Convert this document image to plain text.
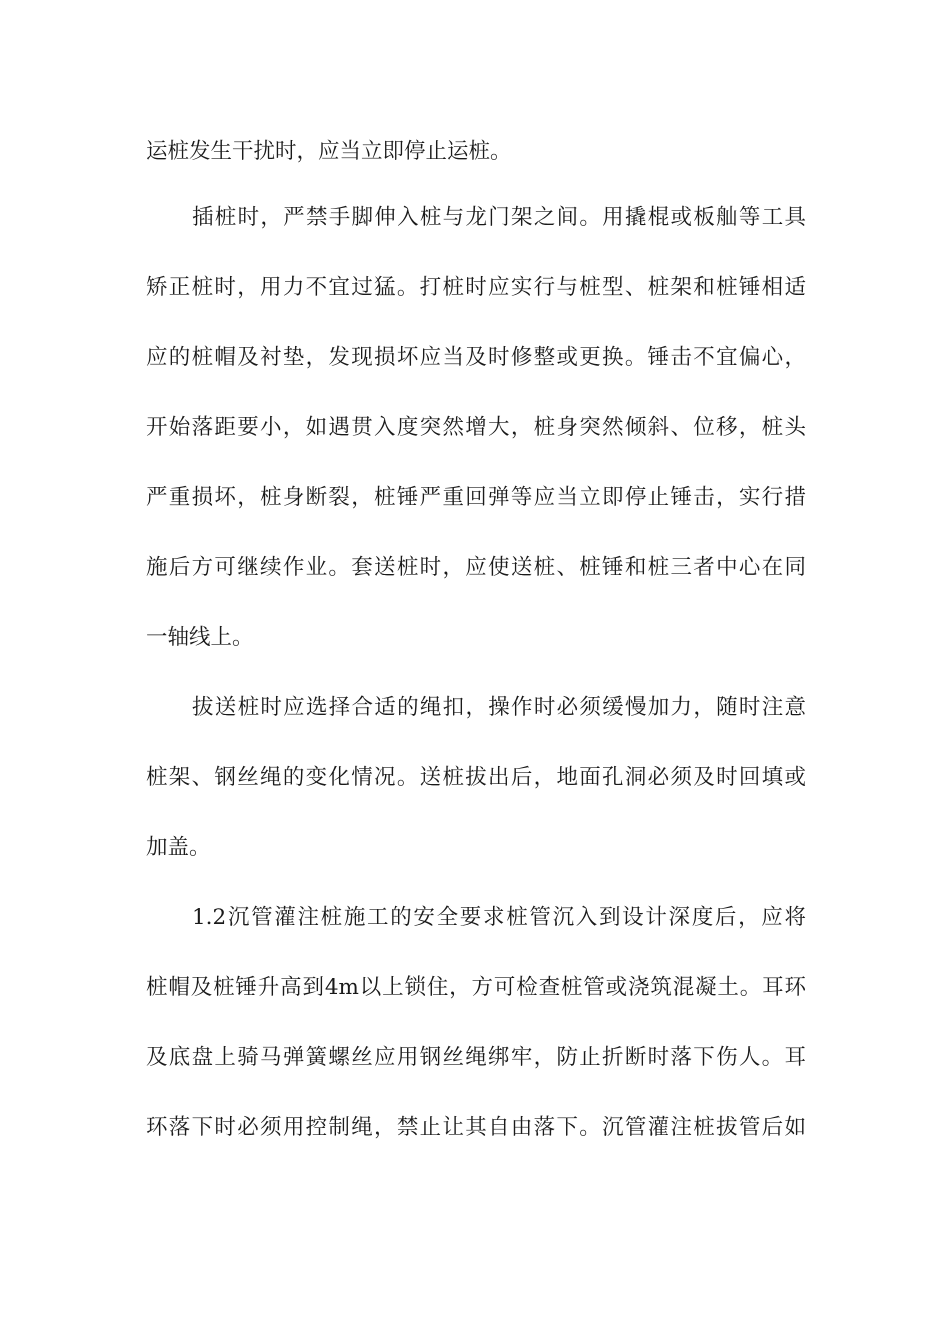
运桩发生干扰时，应当立即停止运桩。
插桩时，严禁手脚伸入桩与龙门架之间。用撬棍或板舢等工具
矫正桩时，用力不宜过猛。打桩时应实行与桩型、桩架和桩锤相适
应的桩帽及衬垫，发现损坏应当及时修整或更换。锤击不宜偏心，
开始落距要小，如遇贯入度突然增大，桩身突然倾斜、位移，桩头
严重损坏，桩身断裂，桩锤严重回弹等应当立即停止锤击，实行措
施后方可继续作业。套送桩时，应使送桩、桩锤和桩三者中心在同
一轴线上。
拔送桩时应选择合适的绳扣，操作时必须缓慢加力，随时注意
桩架、钢丝绳的变化情况。送桩拔出后，地面孔洞必须及时回填或
加盖。
1.2沉管灌注桩施工的安全要求桩管沉入到设计深度后，应将
桩帽及桩锤升高到4m以上锁住，方可检查桩管或浇筑混凝土。耳环
及底盘上骑马弹簧螺丝应用钢丝绳绑牢，防止折断时落下伤人。耳
环落下时必须用控制绳，禁止让其自由落下。沉管灌注桩拔管后如
